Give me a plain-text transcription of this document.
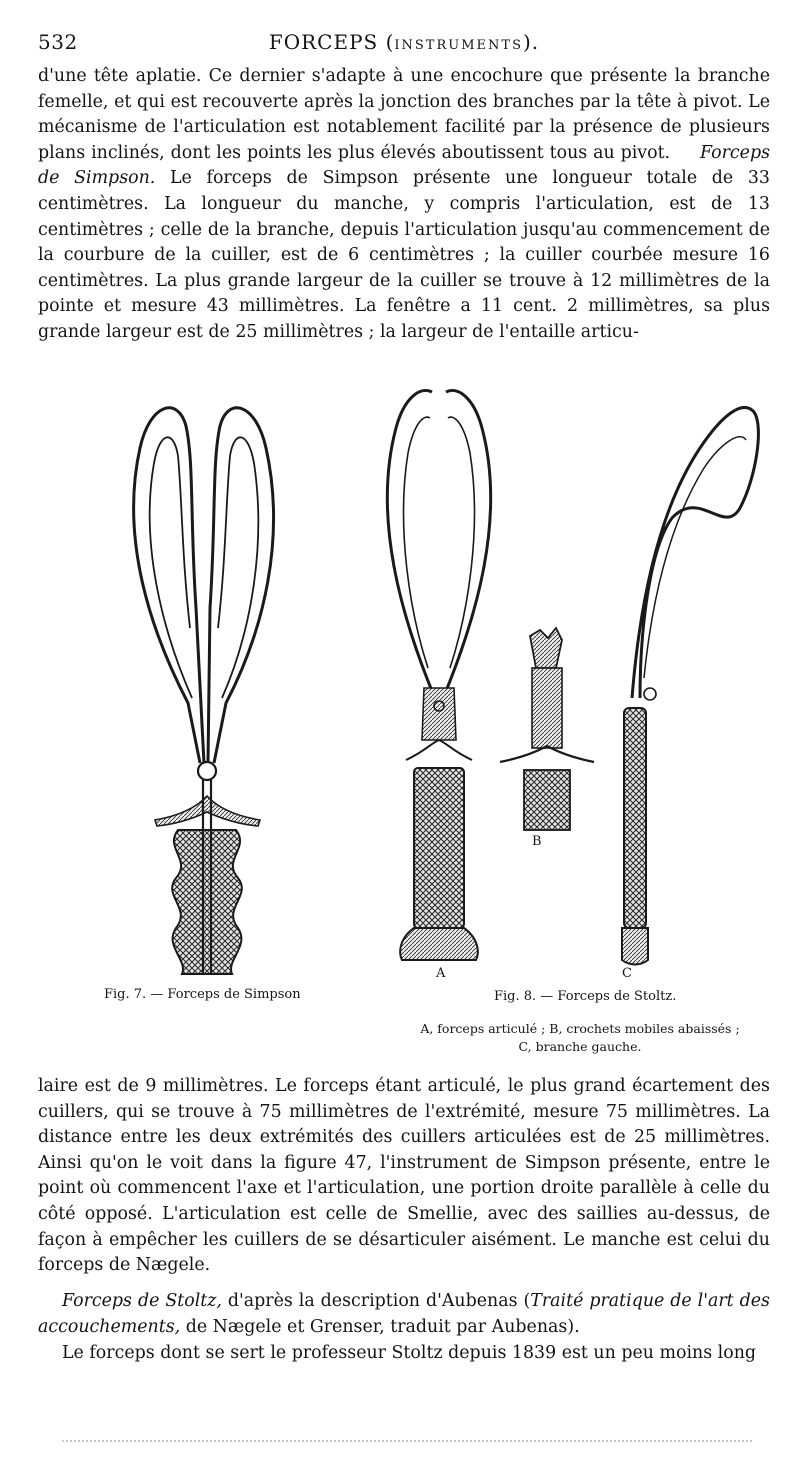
532	FORCEPS (INSTRUMENTS).
d'une tête aplatie. Ce dernier s'adapte à une encochure que présente la branche femelle, et qui est recouverte après la jonction des branches par la tête à pivot. Le mécanisme de l'articulation est notablement facilité par la présence de plusieurs plans inclinés, dont les points les plus élevés aboutissent tous au pivot. Forceps de Simpson. Le forceps de Simpson présente une longueur totale de 33 centimètres. La longueur du manche, y compris l'articulation, est de 13 centimètres ; celle de la branche, depuis l'articulation jusqu'au commencement de la courbure de la cuiller, est de 6 centimètres ; la cuiller courbée mesure 16 centimètres. La plus grande largeur de la cuiller se trouve à 12 millimètres de la pointe et mesure 43 millimètres. La fenêtre a 11 cent. 2 millimètres, sa plus grande largeur est de 25 millimètres ; la largeur de l'entaille articu-
A
B
C
Fig. 7. — Forceps de Simpson	Fig. 8. — Forceps de Stoltz.
A, forceps articulé ; B, crochets mobiles abaissés ;
C, branche gauche.
laire est de 9 millimètres. Le forceps étant articulé, le plus grand écartement des cuillers, qui se trouve à 75 millimètres de l'extrémité, mesure 75 millimètres. La distance entre les deux extrémités des cuillers articulées est de 25 millimètres. Ainsi qu'on le voit dans la figure 47, l'instrument de Simpson présente, entre le point où commencent l'axe et l'articulation, une portion droite parallèle à celle du côté opposé. L'articulation est celle de Smellie, avec des saillies au-dessus, de façon à empêcher les cuillers de se désarticuler aisément. Le manche est celui du forceps de Nægele.
Forceps de Stoltz, d'après la description d'Aubenas (Traité pratique de l'art des accouchements, de Nægele et Grenser, traduit par Aubenas).
Le forceps dont se sert le professeur Stoltz depuis 1839 est un peu moins long
